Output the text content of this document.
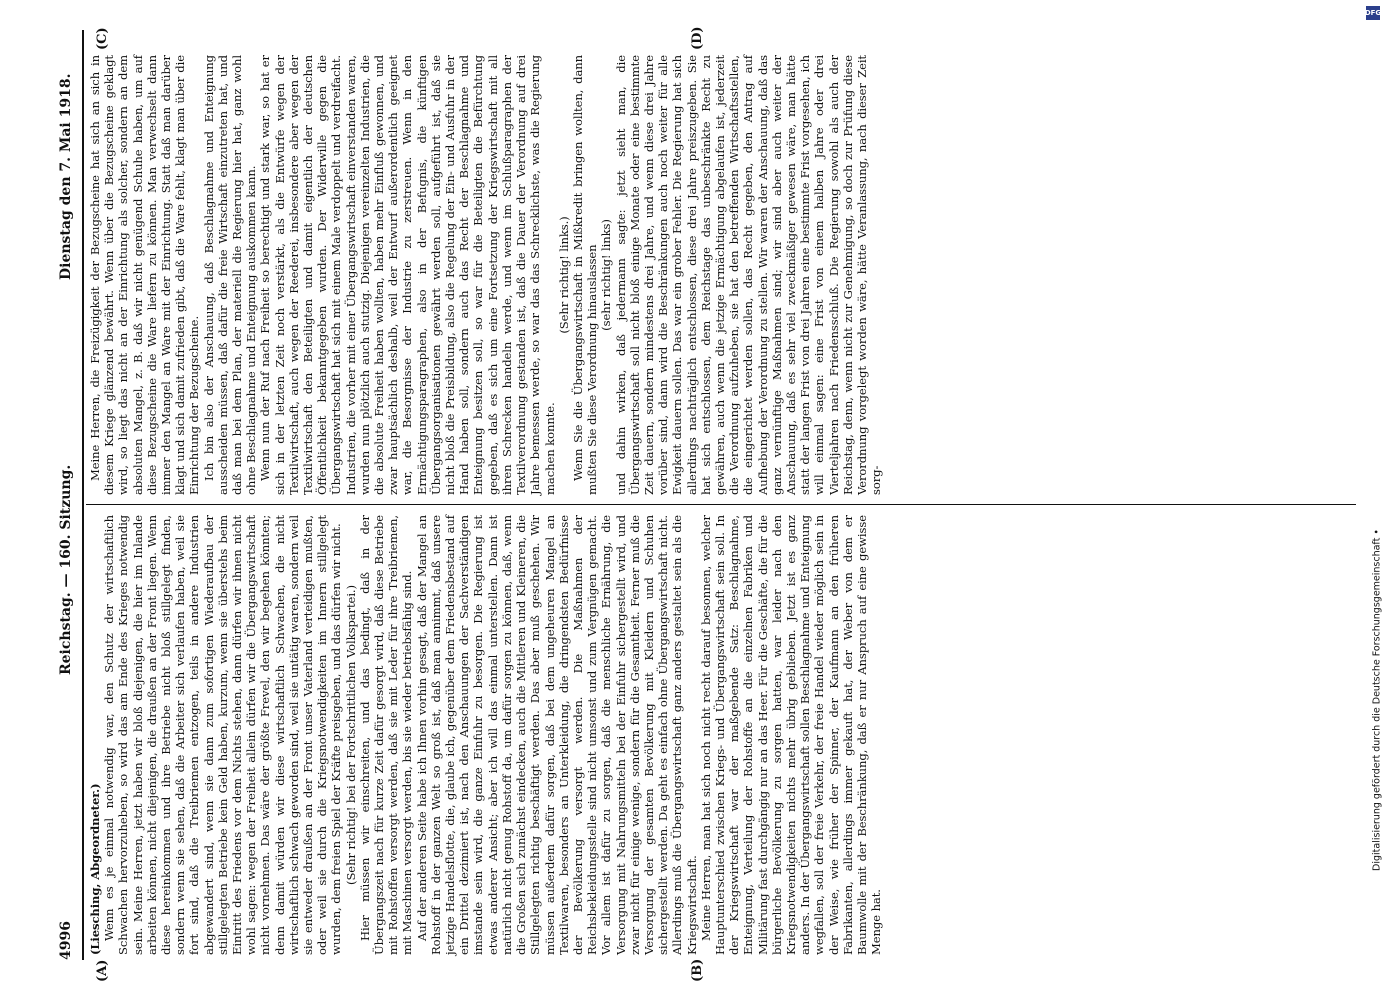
4996
Reichstag. — 160. Sitzung.
Dienstag den 7. Mai 1918.
(A)	(B)
(C)	(D)

(Liesching, Abgeordneter.) Wenn es je einmal notwendig war, den Schutz der wirtschaftlich Schwachen hervorzuheben, so wird das am Ende des Krieges notwendig sein. Meine Herren, jetzt haben wir bloß diejenigen, die hier im Inlande arbeiten können, nicht diejenigen, die draußen an der Front liegen. Wenn diese hereinkommen und ihre Betriebe nicht bloß stillgelegt finden, sondern wenn sie sehen, daß die Arbeiter sich verlaufen haben, weil sie fort sind, daß die Treibriemen entzogen, teils in andere Industrien abgewandert sind, wenn sie dann zum sofortigen Wiederaufbau der stillgelegten Betriebe kein Geld haben, kurzum, wenn sie überstehs beim Eintritt des Friedens vor dem Nichts stehen, dann dürfen wir ihnen nicht wohl sagen: wegen der Freiheit allein dürfen wir die Übergangswirtschaft nicht vornehmen. Das wäre der größte Frevel, den wir begehen könnten; denn damit würden wir diese wirtschaftlich Schwachen, die nicht wirtschaftlich schwach geworden sind, weil sie untätig waren, sondern weil sie entweder draußen an der Front unser Vaterland verteidigen mußten, oder weil sie durch die Kriegsnotwendigkeiten im Innern stillgelegt wurden, dem freien Spiel der Kräfte preisgeben, und das dürfen wir nicht. (Sehr richtig! bei der Fortschrittlichen Volkspartei.) Hier müssen wir einschreiten, und das bedingt, daß in der Übergangszeit nach für kurze Zeit dafür gesorgt wird, daß diese Betriebe mit Rohstoffen versorgt werden, daß sie mit Leder für ihre Treibriemen, mit Maschinen versorgt werden, bis sie wieder betriebsfähig sind. Auf der anderen Seite habe ich Ihnen vorhin gesagt, daß der Mangel an Rohstoff in der ganzen Welt so groß ist, daß man annimmt, daß unsere jetzige Handelsflotte, die, glaube ich, gegenüber dem Friedensbestand auf ein Drittel dezimiert ist, nach den Anschauungen der Sachverständigen imstande sein wird, die ganze Einfuhr zu besorgen. Die Regierung ist etwas anderer Ansicht; aber ich will das einmal unterstellen. Dann ist natürlich nicht genug Rohstoff da, um dafür sorgen zu können, daß, wenn die Großen sich zunächst eindecken, auch die Mittleren und Kleineren, die Stillgelegten richtig beschäftigt werden. Das aber muß geschehen. Wir müssen außerdem dafür sorgen, daß bei dem ungeheuren Mangel an Textilwaren, besonders an Unterkleidung, die dringendsten Bedürfnisse der Bevölkerung versorgt werden. Die Maßnahmen der Reichsbekleidungsstelle sind nicht umsonst und zum Vergnügen gemacht. Vor allem ist dafür zu sorgen, daß die menschliche Ernährung, die Versorgung mit Nahrungsmitteln bei der Einfuhr sichergestellt wird, und zwar nicht für einige wenige, sondern für die Gesamtheit. Ferner muß die Versorgung der gesamten Bevölkerung mit Kleidern und Schuhen sichergestellt werden. Da geht es einfach ohne Übergangswirtschaft nicht. Allerdings muß die Übergangswirtschaft ganz anders gestaltet sein als die Kriegswirtschaft. Meine Herren, man hat sich noch nicht recht darauf besonnen, welcher Hauptunterschied zwischen Kriegs- und Übergangswirtschaft sein soll. In der Kriegswirtschaft war der maßgebende Satz: Beschlagnahme, Enteignung, Verteilung der Rohstoffe an die einzelnen Fabriken und Militärung fast durchgängig nur an das Heer. Für die Geschäfte, die für die bürgerliche Bevölkerung zu sorgen hatten, war leider nach den Kriegsnotwendigkeiten nichts mehr übrig geblieben. Jetzt ist es ganz anders. In der Übergangswirtschaft sollen Beschlagnahme und Enteignung wegfallen, soll der freie Verkehr, der freie Handel wieder möglich sein in der Weise, wie früher der Spinner, der Kaufmann an den früheren Fabrikanten, allerdings immer gekauft hat, der Weber von dem er Baumwolle mit der Beschränkung, daß er nur Anspruch auf eine gewisse Menge hat.

Meine Herren, die Freizügigkeit der Bezugscheine hat sich an sich in diesem Kriege glänzend bewährt. Wenn über die Bezugscheine geklagt wird, so liegt das nicht an der Einrichtung als solcher, sondern an dem absoluten Mangel, z. B. daß wir nicht genügend Schuhe haben, um auf diese Bezugscheine die Ware liefern zu können. Man verwechselt dann immer den Mangel an Ware mit der Einrichtung. Statt daß man darüber klagt und sich damit zufrieden gibt, daß die Ware fehlt, klagt man über die Einrichtung der Bezugscheine. Ich bin also der Anschauung, daß Beschlagnahme und Enteignung ausscheiden müssen, daß dafür die freie Wirtschaft einzutreten hat, und daß man bei dem Plan, der materiell die Regierung hier hat, ganz wohl ohne Beschlagnahme und Enteignung auskommen kann. Wenn nun der Ruf nach Freiheit so berechtigt und stark war, so hat er sich in der letzten Zeit noch verstärkt, als die Entwürfe wegen der Textilwirtschaft, auch wegen der Reederei, insbesondere aber wegen der Textilwirtschaft den Beteiligten und damit eigentlich der deutschen Öffentlichkeit bekanntgegeben wurden. Der Widerwille gegen die Übergangswirtschaft hat sich mit einem Male verdoppelt und verdreifacht. Industrien, die vorher mit einer Übergangswirtschaft einverstanden waren, wurden nun plötzlich auch stutzig. Diejenigen vereinzelten Industrien, die die absolute Freiheit haben wollten, haben mehr Einfluß gewonnen, und zwar hauptsächlich deshalb, weil der Entwurf außerordentlich geeignet war, die Besorgnisse der Industrie zu zerstreuen. Wenn in den Ermächtigungsparagraphen, also in der Befugnis, die künftigen Übergangsorganisationen gewährt werden soll, aufgeführt ist, daß sie nicht bloß die Preisbildung, also die Regelung der Ein- und Ausfuhr in der Hand haben soll, sondern auch das Recht der Beschlagnahme und Enteignung besitzen soll, so war für die Beteiligten die Befürchtung gegeben, daß es sich um eine Fortsetzung der Kriegswirtschaft mit all ihren Schrecken handeln werde, und wenn im Schlußparagraphen der Textilverordnung gestanden ist, daß die Dauer der Verordnung auf drei Jahre bemessen werde, so war das das Schrecklichste, was die Regierung machen konnte.

(Sehr richtig! links.) Wenn Sie die Übergangswirtschaft in Mißkredit bringen wollten, dann mußten Sie diese Verordnung hinauslassen (sehr richtig! links) und dahin wirken, daß jedermann sagte: jetzt sieht man, die Übergangswirtschaft soll nicht bloß einige Monate oder eine bestimmte Zeit dauern, sondern mindestens drei Jahre, und wenn diese drei Jahre vorüber sind, dann wird die Beschränkungen auch noch weiter für alle Ewigkeit dauern sollen. Das war ein grober Fehler. Die Regierung hat sich allerdings nachträglich entschlossen, diese drei Jahre preiszugeben. Sie hat sich entschlossen, dem Reichstage das unbeschränkte Recht zu gewähren, auch wenn die jetzige Ermächtigung abgelaufen ist, jederzeit die Verordnung aufzuheben, sie hat den betreffenden Wirtschaftsstellen, die eingerichtet werden sollen, das Recht gegeben, den Antrag auf Aufhebung der Verordnung zu stellen. Wir waren der Anschauung, daß das ganz vernünftige Maßnahmen sind; wir sind aber auch weiter der Anschauung, daß es sehr viel zweckmäßiger gewesen wäre, man hätte statt der langen Frist von drei Jahren eine bestimmte Frist vorgesehen, ich will einmal sagen: eine Frist von einem halben Jahre oder drei Vierteljahren nach Friedensschluß. Die Regierung sowohl als auch der Reichstag, denn, wenn nicht zur Genehmigung, so doch zur Prüfung diese Verordnung vorgelegt worden wäre, hätte Veranlassung, nach dieser Zeit sorg-

DFG
Digitalisierung gefördert durch die Deutsche Forschungsgemeinschaft •
